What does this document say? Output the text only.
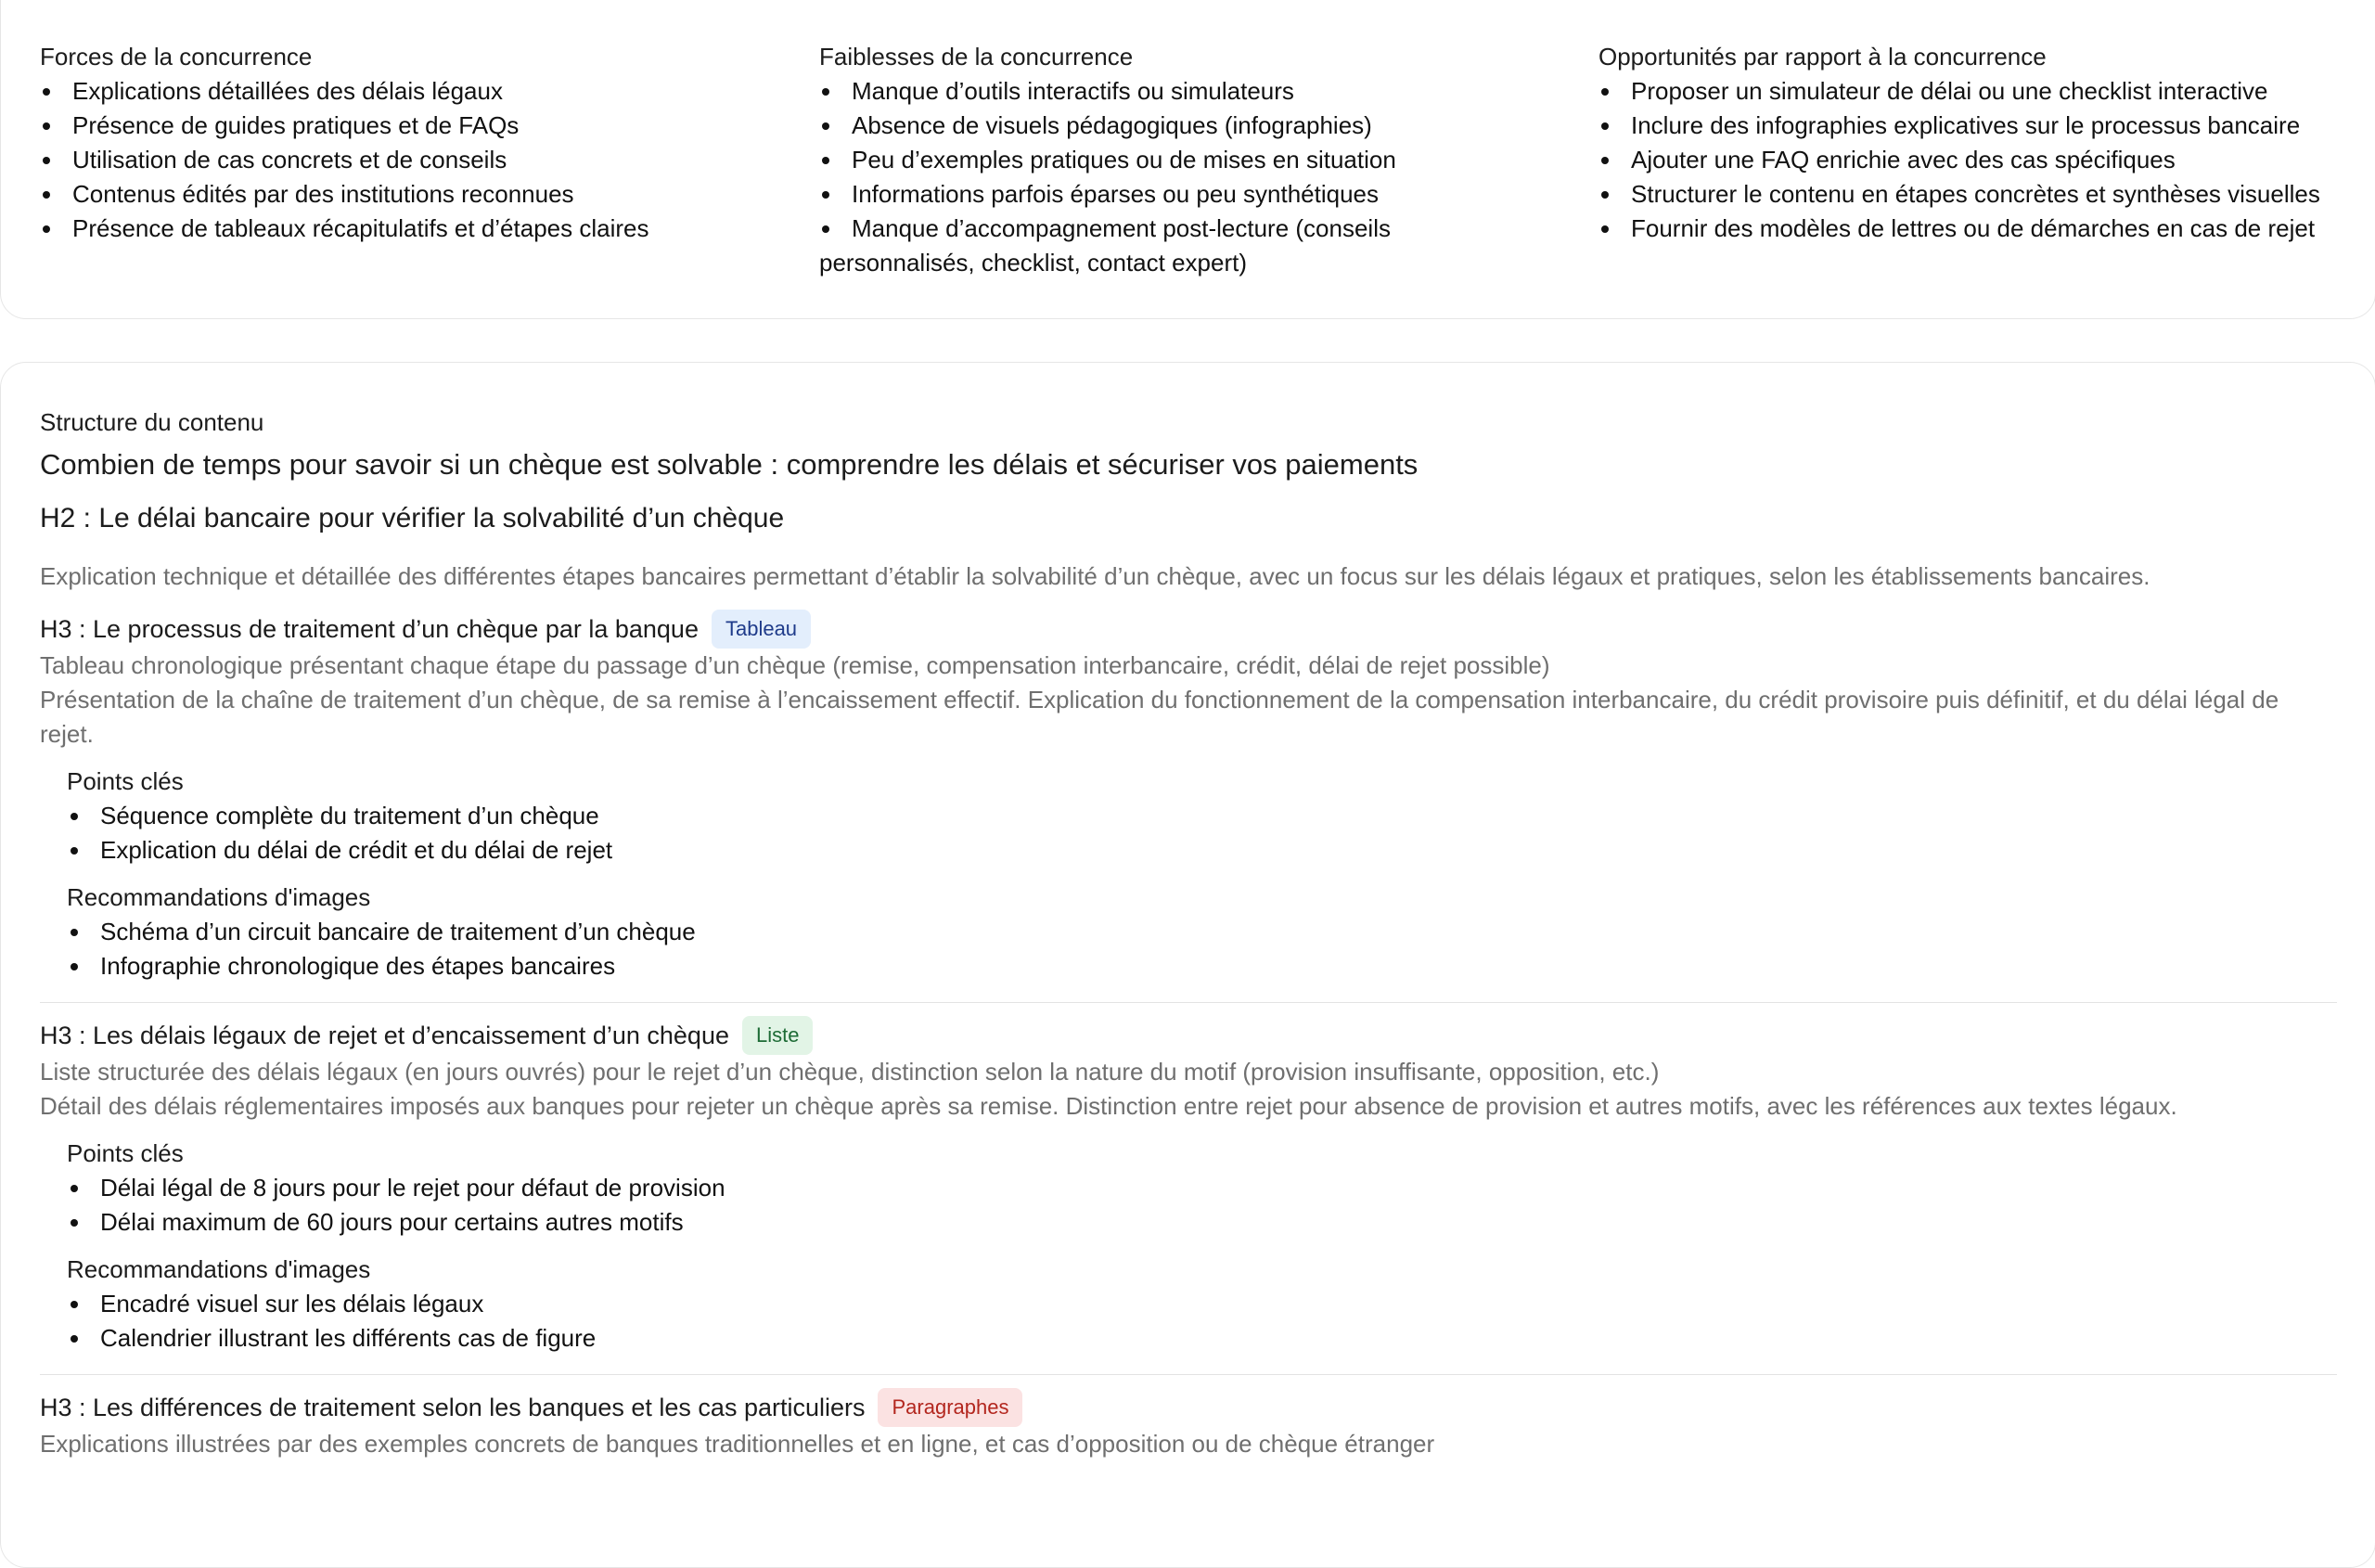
Forces de la concurrence
Explications détaillées des délais légaux
Présence de guides pratiques et de FAQs
Utilisation de cas concrets et de conseils
Contenus édités par des institutions reconnues
Présence de tableaux récapitulatifs et d’étapes claires
Faiblesses de la concurrence
Manque d’outils interactifs ou simulateurs
Absence de visuels pédagogiques (infographies)
Peu d’exemples pratiques ou de mises en situation
Informations parfois éparses ou peu synthétiques
Manque d’accompagnement post-lecture (conseils personnalisés, checklist, contact expert)
Opportunités par rapport à la concurrence
Proposer un simulateur de délai ou une checklist interactive
Inclure des infographies explicatives sur le processus bancaire
Ajouter une FAQ enrichie avec des cas spécifiques
Structurer le contenu en étapes concrètes et synthèses visuelles
Fournir des modèles de lettres ou de démarches en cas de rejet
Structure du contenu
Combien de temps pour savoir si un chèque est solvable : comprendre les délais et sécuriser vos paiements
H2 : Le délai bancaire pour vérifier la solvabilité d’un chèque
Explication technique et détaillée des différentes étapes bancaires permettant d’établir la solvabilité d’un chèque, avec un focus sur les délais légaux et pratiques, selon les établissements bancaires.
H3 : Le processus de traitement d’un chèque par la banque	Tableau
Tableau chronologique présentant chaque étape du passage d’un chèque (remise, compensation interbancaire, crédit, délai de rejet possible)
Présentation de la chaîne de traitement d’un chèque, de sa remise à l’encaissement effectif. Explication du fonctionnement de la compensation interbancaire, du crédit provisoire puis définitif, et du délai légal de rejet.
Points clés
Séquence complète du traitement d’un chèque
Explication du délai de crédit et du délai de rejet
Recommandations d'images
Schéma d’un circuit bancaire de traitement d’un chèque
Infographie chronologique des étapes bancaires
H3 : Les délais légaux de rejet et d’encaissement d’un chèque	Liste
Liste structurée des délais légaux (en jours ouvrés) pour le rejet d’un chèque, distinction selon la nature du motif (provision insuffisante, opposition, etc.)
Détail des délais réglementaires imposés aux banques pour rejeter un chèque après sa remise. Distinction entre rejet pour absence de provision et autres motifs, avec les références aux textes légaux.
Points clés
Délai légal de 8 jours pour le rejet pour défaut de provision
Délai maximum de 60 jours pour certains autres motifs
Recommandations d'images
Encadré visuel sur les délais légaux
Calendrier illustrant les différents cas de figure
H3 : Les différences de traitement selon les banques et les cas particuliers	Paragraphes
Explications illustrées par des exemples concrets de banques traditionnelles et en ligne, et cas d’opposition ou de chèque étranger
